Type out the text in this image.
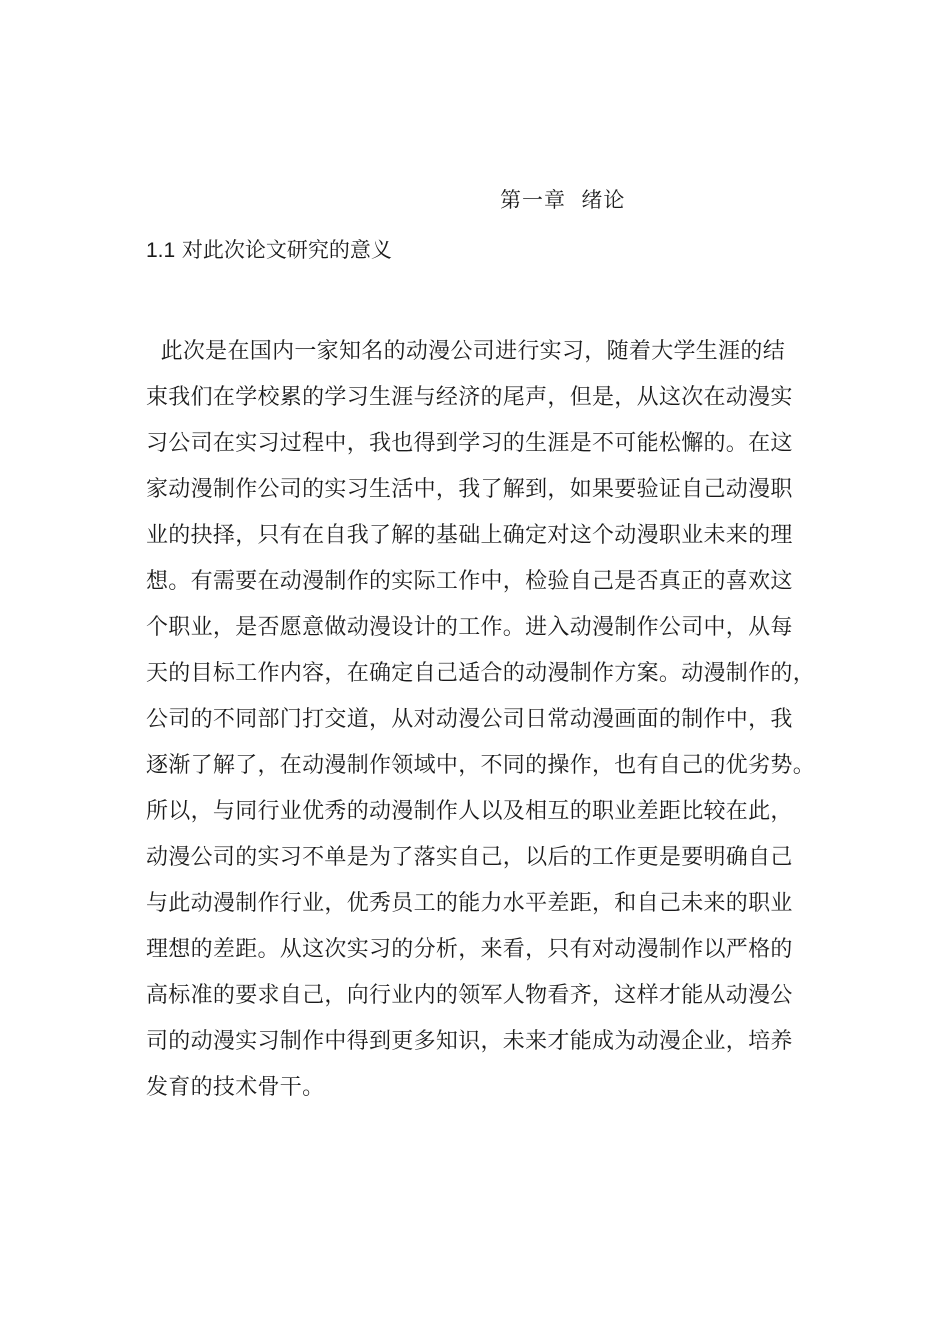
第一章  绪论
1.1 对此次论文研究的意义
此次是在国内一家知名的动漫公司进行实习，随着大学生涯的结
束我们在学校累的学习生涯与经济的尾声，但是，从这次在动漫实
习公司在实习过程中，我也得到学习的生涯是不可能松懈的。在这
家动漫制作公司的实习生活中，我了解到，如果要验证自己动漫职
业的抉择，只有在自我了解的基础上确定对这个动漫职业未来的理
想。有需要在动漫制作的实际工作中，检验自己是否真正的喜欢这
个职业，是否愿意做动漫设计的工作。进入动漫制作公司中，从每
天的目标工作内容，在确定自己适合的动漫制作方案。动漫制作的，
公司的不同部门打交道，从对动漫公司日常动漫画面的制作中，我
逐渐了解了，在动漫制作领域中，不同的操作，也有自己的优劣势。
所以，与同行业优秀的动漫制作人以及相互的职业差距比较在此，
动漫公司的实习不单是为了落实自己，以后的工作更是要明确自己
与此动漫制作行业，优秀员工的能力水平差距，和自己未来的职业
理想的差距。从这次实习的分析，来看，只有对动漫制作以严格的
高标准的要求自己，向行业内的领军人物看齐，这样才能从动漫公
司的动漫实习制作中得到更多知识，未来才能成为动漫企业，培养
发育的技术骨干。
